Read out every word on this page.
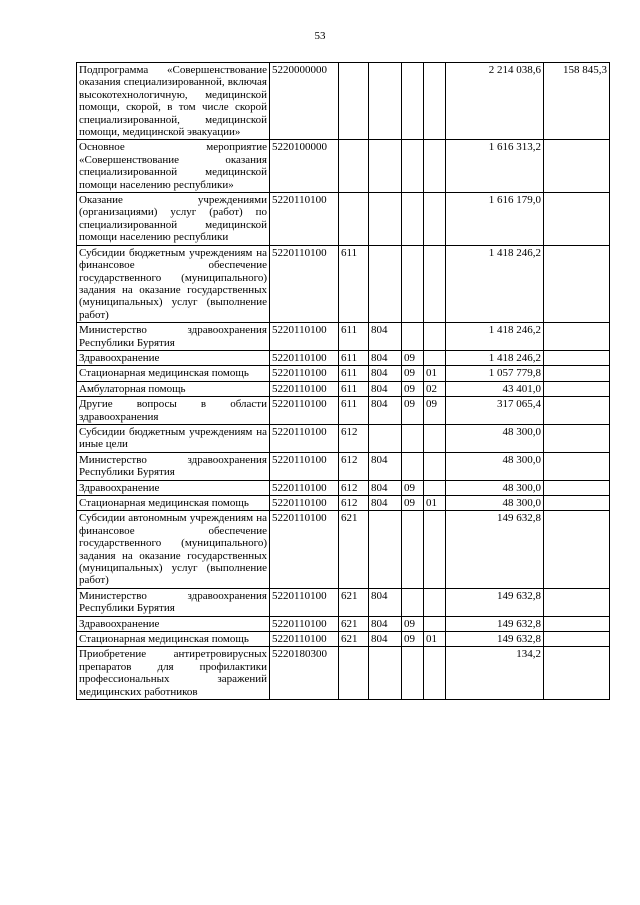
53
Подпрограмма «Совершенствование оказания специализированной, включая высокотехнологичную, медицинской помощи, скорой, в том числе скорой специализированной, медицинской помощи, медицинской эвакуации»	5220000000					2 214 038,6	158 845,3
Основное мероприятие «Совершенствование оказания специализированной медицинской помощи населению республики»	5220100000					1 616 313,2	
Оказание учреждениями (организациями) услуг (работ) по специализированной медицинской помощи населению республики	5220110100					1 616 179,0	
Субсидии бюджетным учреждениям на финансовое обеспечение государственного (муниципального) задания на оказание государственных (муниципальных) услуг (выполнение работ)	5220110100	611				1 418 246,2	
Министерство здравоохранения Республики Бурятия	5220110100	611	804			1 418 246,2	
Здравоохранение	5220110100	611	804	09		1 418 246,2	
Стационарная медицинская помощь	5220110100	611	804	09	01	1 057 779,8	
Амбулаторная помощь	5220110100	611	804	09	02	43 401,0	
Другие вопросы в области здравоохранения	5220110100	611	804	09	09	317 065,4	
Субсидии бюджетным учреждениям на иные цели	5220110100	612				48 300,0	
Министерство здравоохранения Республики Бурятия	5220110100	612	804			48 300,0	
Здравоохранение	5220110100	612	804	09		48 300,0	
Стационарная медицинская помощь	5220110100	612	804	09	01	48 300,0	
Субсидии автономным учреждениям на финансовое обеспечение государственного (муниципального) задания на оказание государственных (муниципальных) услуг (выполнение работ)	5220110100	621				149 632,8	
Министерство здравоохранения Республики Бурятия	5220110100	621	804			149 632,8	
Здравоохранение	5220110100	621	804	09		149 632,8	
Стационарная медицинская помощь	5220110100	621	804	09	01	149 632,8	
Приобретение антиретровирусных препаратов для профилактики профессиональных заражений медицинских работников	5220180300					134,2	
